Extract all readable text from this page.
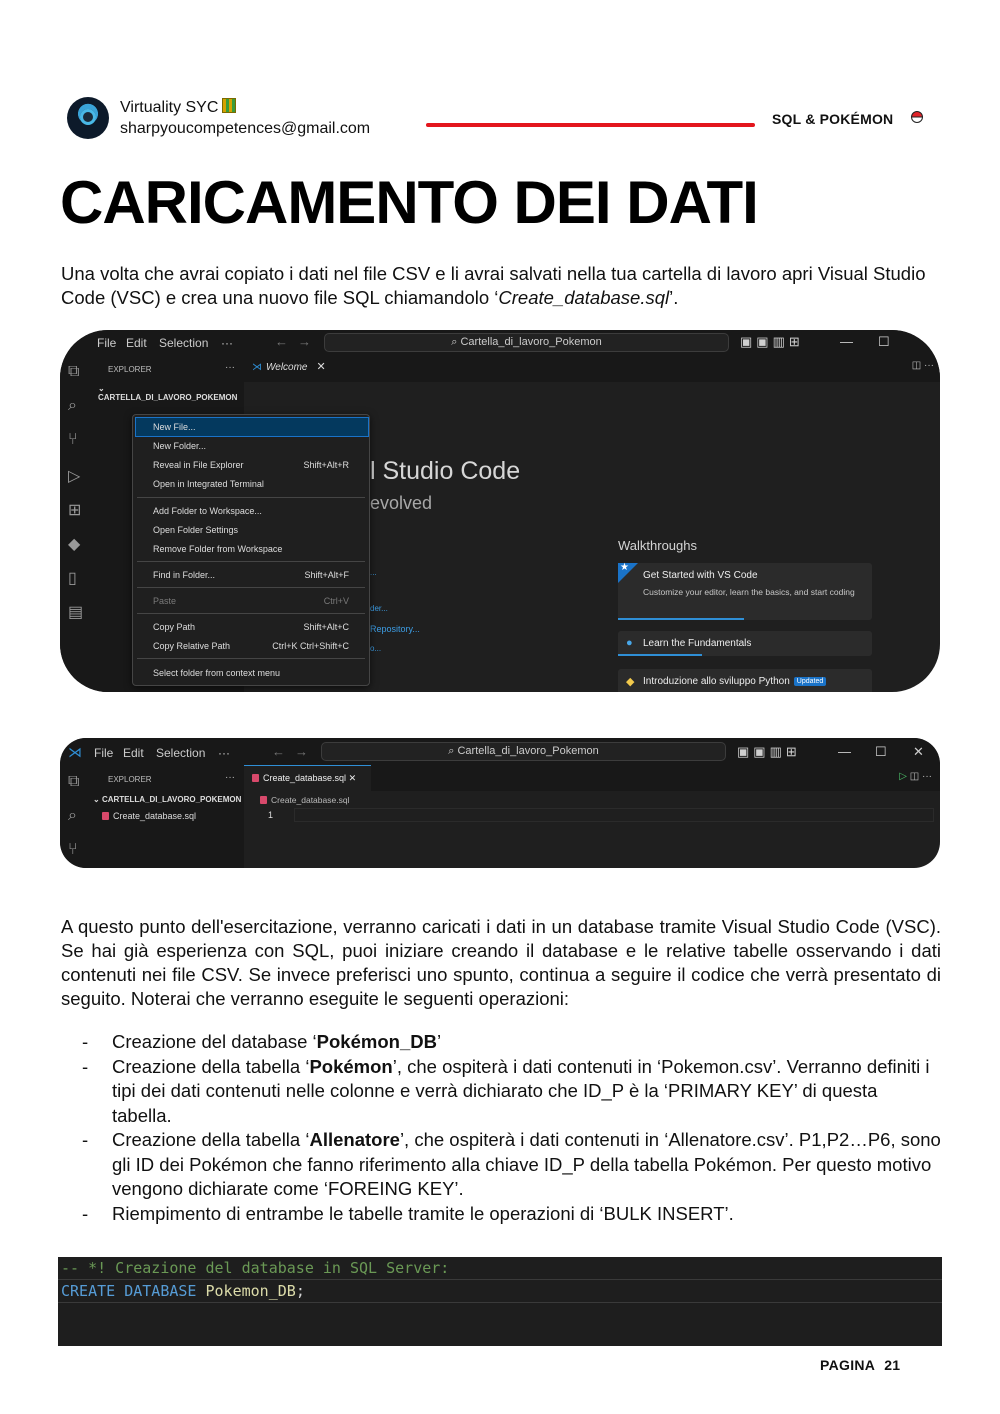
Virtuality SYC
sharpyoucompetences@gmail.com
SQL & POKÉMON
CARICAMENTO DEI DATI
Una volta che avrai copiato i dati nel file CSV e li avrai salvati nella tua cartella di lavoro apri Visual Studio Code (VSC) e crea una nuovo file SQL chiamandolo ‘Create_database.sql’.
File Edit Selection ···	← →	⌕ Cartella_di_lavoro_Pokemon	▣▣▥⊞	— ☐
⧉
⌕
⑂
▷
⊞
◆
▯
▤
EXPLORER	···
⌄ CARTELLA_DI_LAVORO_POKEMON
⋊ Welcome ✕	◫ ···
l Studio Code
evolved
...
der...
Repository...
o...
Walkthroughs
★
Get Started with VS Code
Customize your editor, learn the basics, and start coding
● Learn the Fundamentals
◆ Introduzione allo sviluppo Python Updated
New File...
New Folder...
Reveal in File Explorer	Shift+Alt+R
Open in Integrated Terminal
Add Folder to Workspace...
Open Folder Settings
Remove Folder from Workspace
Find in Folder...	Shift+Alt+F
Paste	Ctrl+V
Copy Path	Shift+Alt+C
Copy Relative Path	Ctrl+K Ctrl+Shift+C
Select folder from context menu
⋊ File Edit Selection ···	← →	⌕ Cartella_di_lavoro_Pokemon	▣▣▥⊞	— ☐ ✕
⧉
⌕
⑂
EXPLORER	···
⌄ CARTELLA_DI_LAVORO_POKEMON
Create_database.sql
Create_database.sql ✕	▷ ◫ ···
Create_database.sql
1
A questo punto dell'esercitazione, verranno caricati i dati in un database tramite Visual Studio Code (VSC). Se hai già esperienza con SQL, puoi iniziare creando il database e le relative tabelle osservando i dati contenuti nei file CSV. Se invece preferisci uno spunto, continua a seguire il codice che verrà presentato di seguito. Noterai che verranno eseguite le seguenti operazioni:
- Creazione del database ‘Pokémon_DB’
- Creazione della tabella ‘Pokémon’, che ospiterà i dati contenuti in ‘Pokemon.csv’. Verranno definiti i tipi dei dati contenuti nelle colonne e verrà dichiarato che ID_P è la ‘PRIMARY KEY’ di questa tabella.
- Creazione della tabella ‘Allenatore’, che ospiterà i dati contenuti in ‘Allenatore.csv’. P1,P2…P6, sono gli ID dei Pokémon che fanno riferimento alla chiave ID_P della tabella Pokémon. Per questo motivo vengono dichiarate come ‘FOREING KEY’.
- Riempimento di entrambe le tabelle tramite le operazioni di ‘BULK INSERT’.
-- *! Creazione del database in SQL Server:
CREATE DATABASE Pokemon_DB;
PAGINA 21
